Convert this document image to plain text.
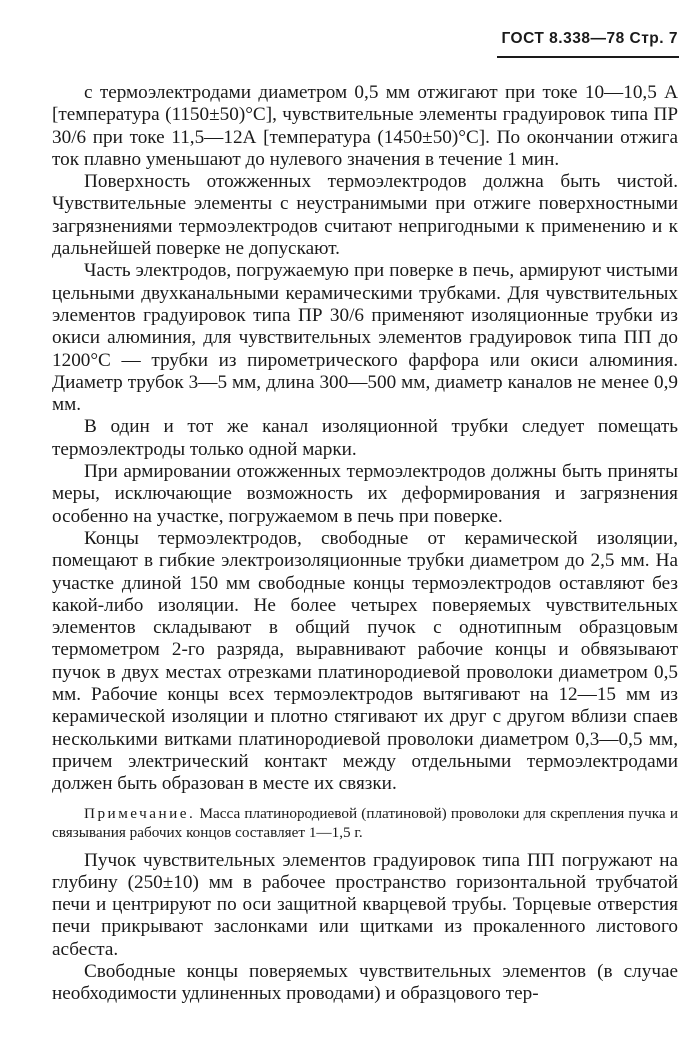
ГОСТ 8.338—78 Стр. 7

с термоэлектродами диаметром 0,5 мм отжигают при токе 10—10,5 А [температура (1150±50)°С], чувствительные элементы градуировок типа ПР 30/6 при токе 11,5—12А [температура (1450±50)°С]. По окончании отжига ток плавно уменьшают до нулевого значения в течение 1 мин.

Поверхность отожженных термоэлектродов должна быть чистой. Чувствительные элементы с неустранимыми при отжиге поверхностными загрязнениями термоэлектродов считают непригодными к применению и к дальнейшей поверке не допускают.

Часть электродов, погружаемую при поверке в печь, армируют чистыми цельными двухканальными керамическими трубками. Для чувствительных элементов градуировок типа ПР 30/6 применяют изоляционные трубки из окиси алюминия, для чувствительных элементов градуировок типа ПП до 1200°С — трубки из пирометрического фарфора или окиси алюминия. Диаметр трубок 3—5 мм, длина 300—500 мм, диаметр каналов не менее 0,9 мм.

В один и тот же канал изоляционной трубки следует помещать термоэлектроды только одной марки.

При армировании отожженных термоэлектродов должны быть приняты меры, исключающие возможность их деформирования и загрязнения особенно на участке, погружаемом в печь при поверке.

Концы термоэлектродов, свободные от керамической изоляции, помещают в гибкие электроизоляционные трубки диаметром до 2,5 мм. На участке длиной 150 мм свободные концы термоэлектродов оставляют без какой-либо изоляции. Не более четырех поверяемых чувствительных элементов складывают в общий пучок с однотипным образцовым термометром 2-го разряда, выравнивают рабочие концы и обвязывают пучок в двух местах отрезками платинородиевой проволоки диаметром 0,5 мм. Рабочие концы всех термоэлектродов вытягивают на 12—15 мм из керамической изоляции и плотно стягивают их друг с другом вблизи спаев несколькими витками платинородиевой проволоки диаметром 0,3—0,5 мм, причем электрический контакт между отдельными термоэлектродами должен быть образован в месте их связки.

Примечание. Масса платинородиевой (платиновой) проволоки для скрепления пучка и связывания рабочих концов составляет 1—1,5 г.

Пучок чувствительных элементов градуировок типа ПП погружают на глубину (250±10) мм в рабочее пространство горизонтальной трубчатой печи и центрируют по оси защитной кварцевой трубы. Торцевые отверстия печи прикрывают заслонками или щитками из прокаленного листового асбеста.

Свободные концы поверяемых чувствительных элементов (в случае необходимости удлиненных проводами) и образцового тер-
